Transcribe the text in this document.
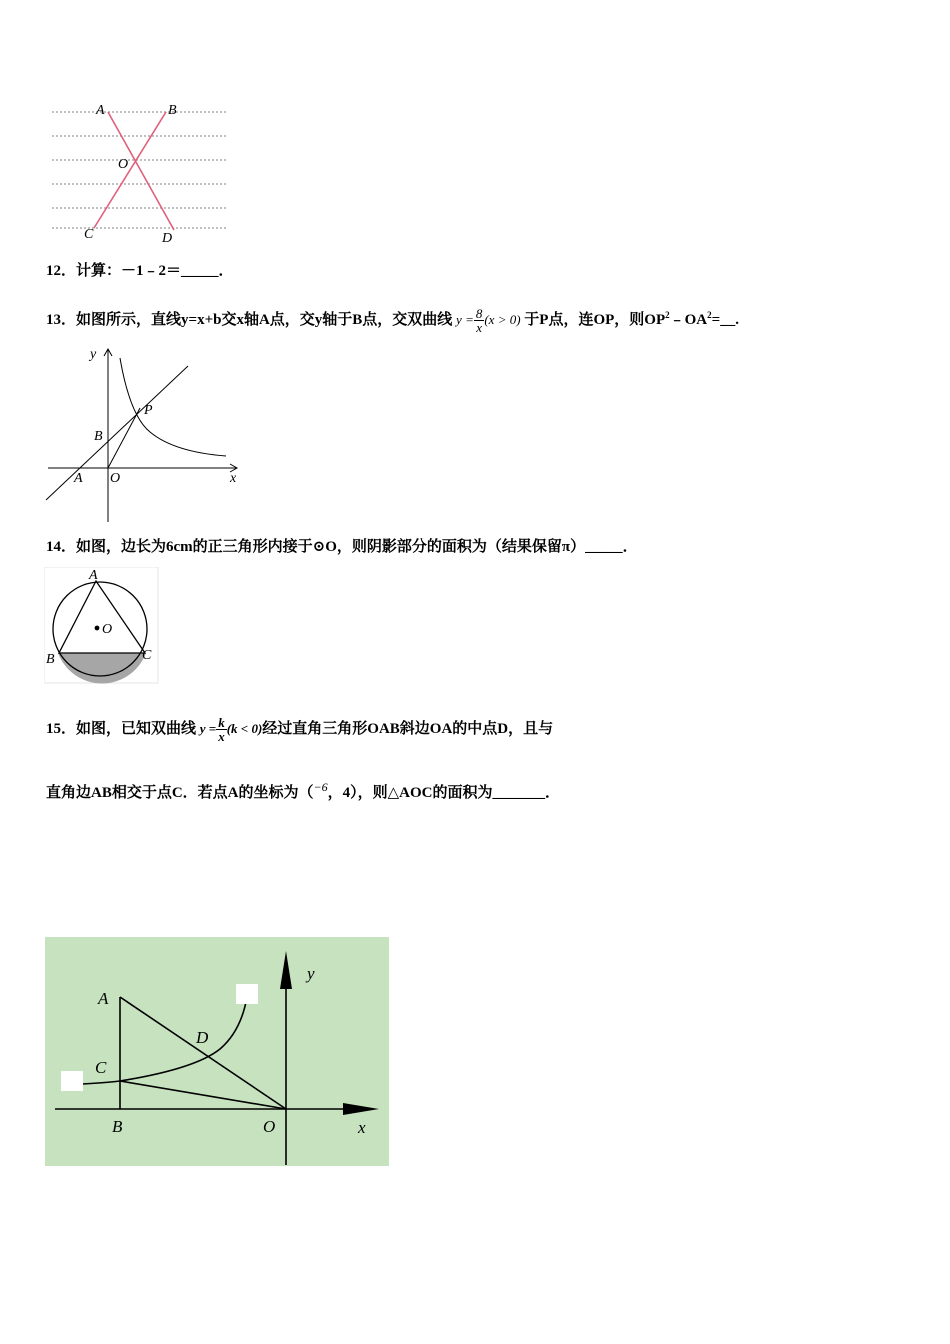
A	B
O
C	D
12．计算：－1﹣2＝_____．
13．如图所示，直线y=x+b交x轴A点，交y轴于B点，交双曲线 $y = \frac{8}{x} (x > 0)$ 于P点，连OP，则$OP^2﹣OA^2=\_\_$.
y
x
P
B
A O
14．如图，边长为6cm的正三角形内接于⊙O，则阴影部分的面积为（结果保留π）_____．
A
O
B	C
15．如图，已知双曲线 $y = \frac{k}{x} (k < 0)$经过直角三角形OAB斜边OA的中点D，且与
直角边AB相交于点C．若点A的坐标为（$^{-6}$，4），则△AOC的面积为_______．
A
D
C
B	O	x
y
